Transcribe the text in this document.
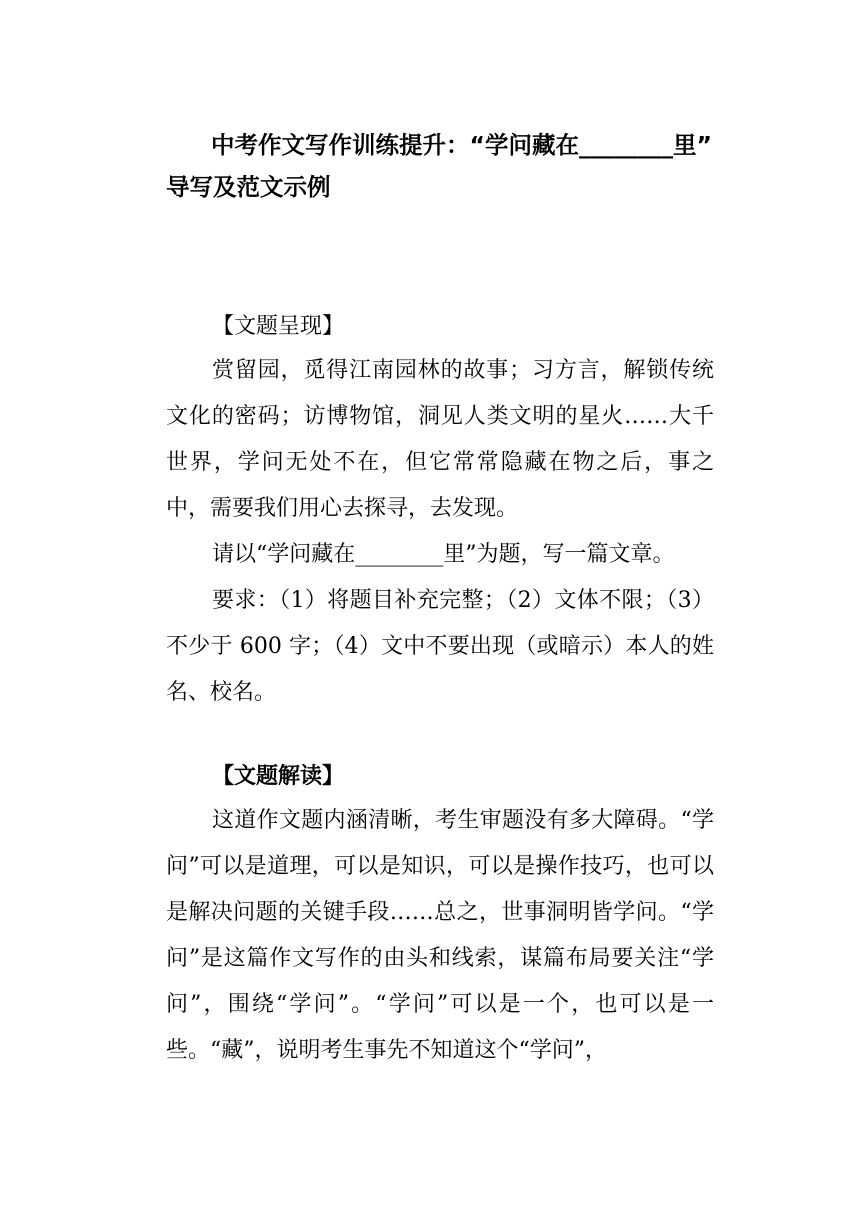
中考作文写作训练提升：“学问藏在________里” 导写及范文示例

【文题呈现】

赏留园，觅得江南园林的故事；习方言，解锁传统文化的密码；访博物馆，洞见人类文明的星火……大千世界，学问无处不在，但它常常隐藏在物之后，事之中，需要我们用心去探寻，去发现。

请以“学问藏在________里”为题，写一篇文章。

要求：（1）将题目补充完整；（2）文体不限；（3）不少于 600 字；（4）文中不要出现（或暗示）本人的姓名、校名。

【文题解读】

这道作文题内涵清晰，考生审题没有多大障碍。“学问”可以是道理，可以是知识，可以是操作技巧，也可以是解决问题的关键手段……总之，世事洞明皆学问。“学问”是这篇作文写作的由头和线索，谋篇布局要关注“学问”，围绕“学问”。“学问”可以是一个，也可以是一些。“藏”，说明考生事先不知道这个“学问”，
